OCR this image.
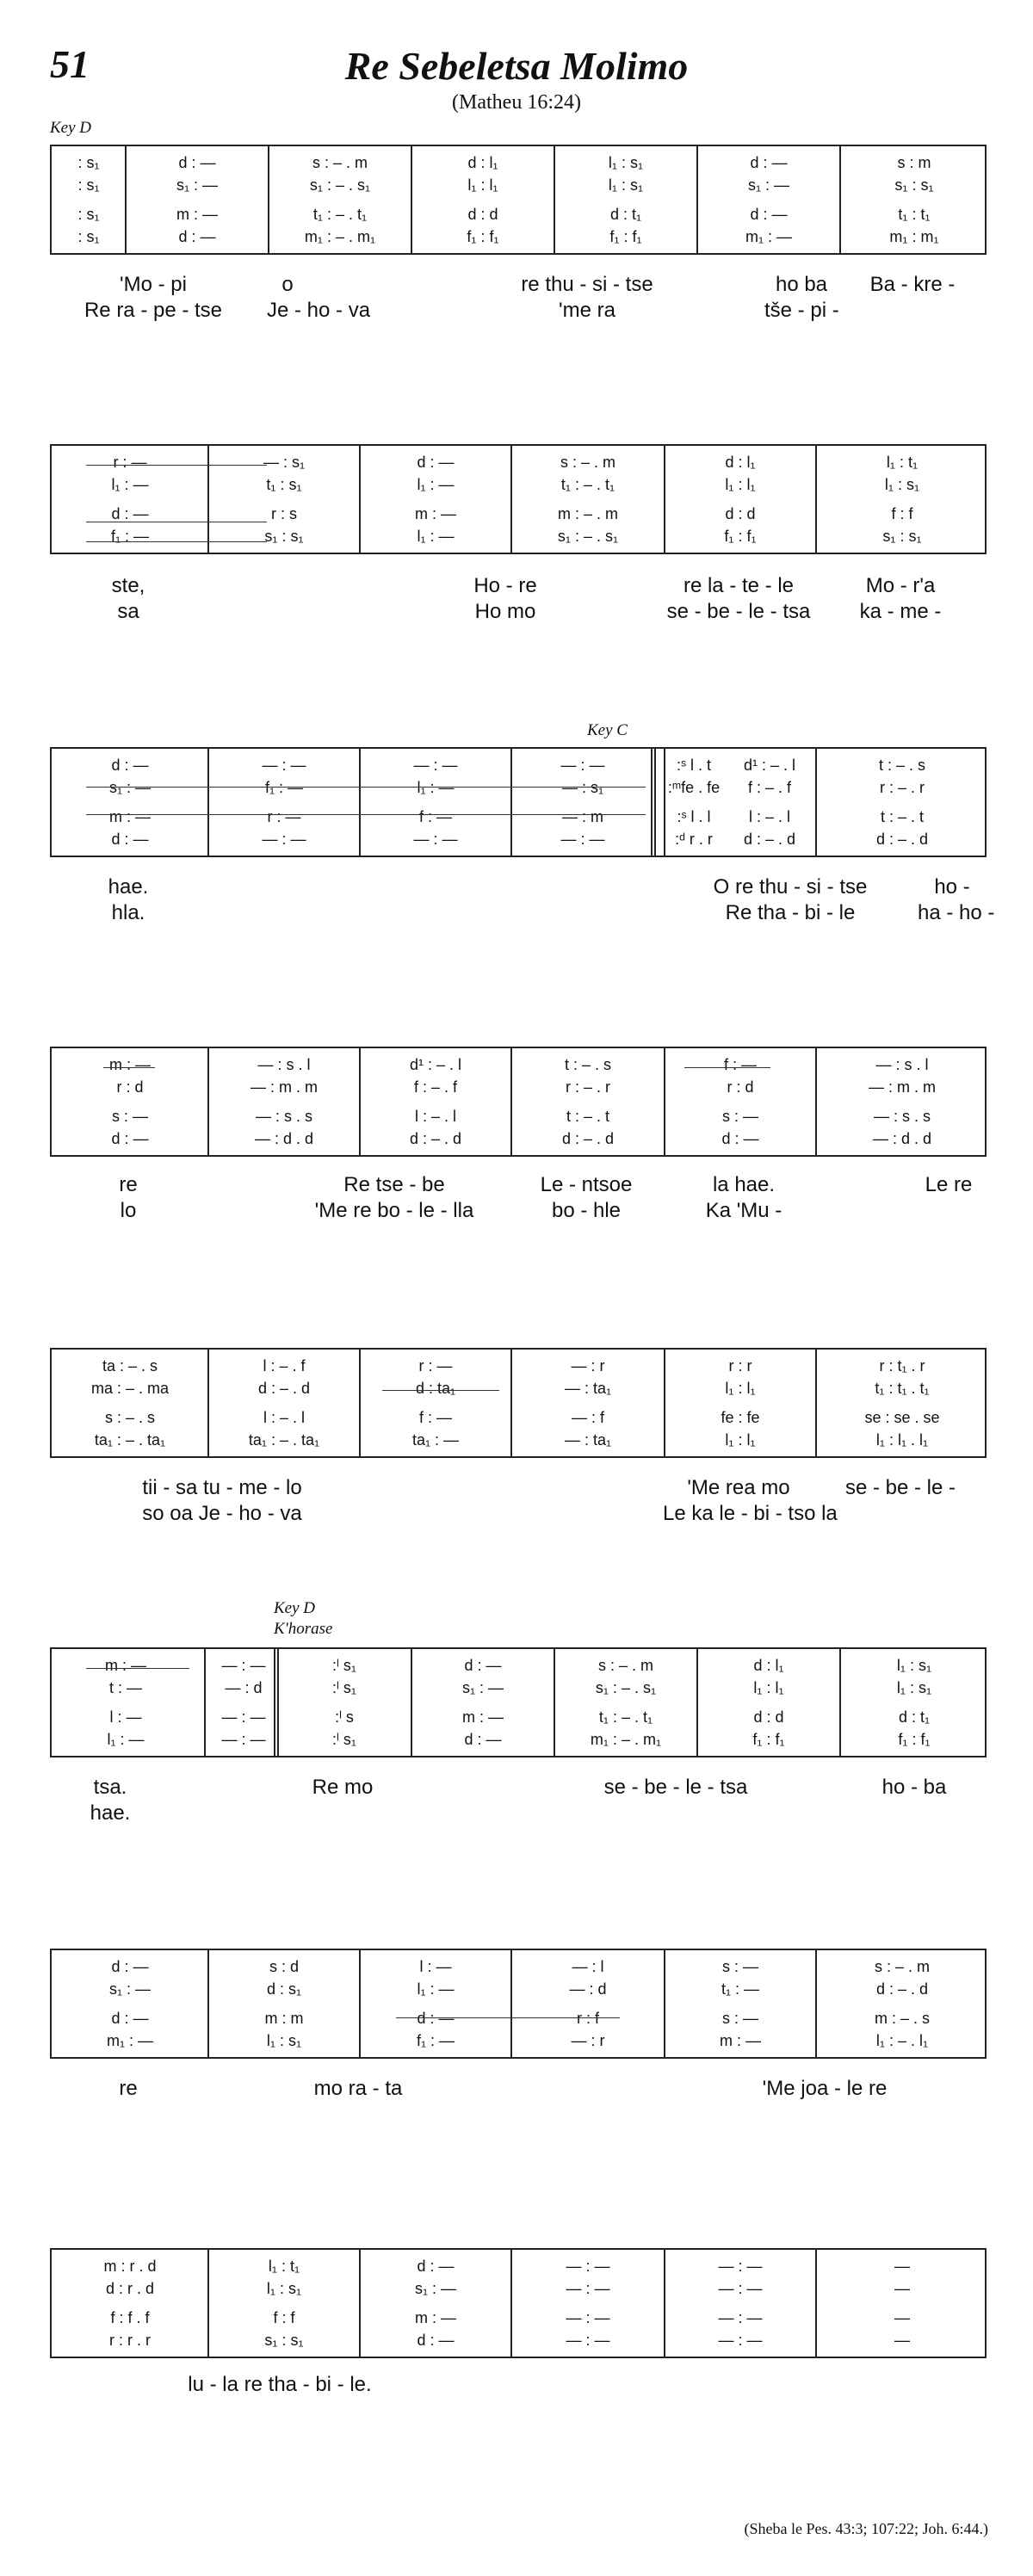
51	Re Sebeletsa Molimo
(Matheu 16:24)
Key D
Key C
Key D
K'horase
: s₁	d : —	s : – . m	d : l₁	l₁ : s₁	d : —	s : m
: s₁	s₁ : —	s₁ : – . s₁	l₁ : l₁	l₁ : s₁	s₁ : —	s₁ : s₁
: s₁	m : —	t₁ : – . t₁	d : d	d : t₁	d : —	t₁ : t₁
: s₁	d : —	m₁ : – . m₁	f₁ : f₁	f₁ : f₁	m₁ : —	m₁ : m₁
'Mo - pi	o	re thu - si - tse	ho ba	Ba - kre -
Re ra - pe - tse	Je - ho - va	'me ra	tše - pi -
r : —	— : s₁	d : —	s : – . m	d : l₁	l₁ : t₁
l₁ : —	t₁ : s₁	l₁ : —	t₁ : – . t₁	l₁ : l₁	l₁ : s₁
d : —	r : s	m : —	m : – . m	d : d	f : f
f₁ : —	s₁ : s₁	l₁ : —	s₁ : – . s₁	f₁ : f₁	s₁ : s₁
ste,	Ho - re	re la - te - le	Mo - r'a
sa	Ho mo	se - be - le - tsa	ka - me -
d : —	— : —	— : —	— : —	:ˢ l . t	d¹ : – . l	t : – . s
s₁ : —	f₁ : —	l₁ : —	— : s₁	:ᵐfe . fe	f : – . f	r : – . r
m : —	r : —	f : —	— : m	:ˢ l . l	l : – . l	t : – . t
d : —	— : —	— : —	— : —	:ᵈ r . r	d : – . d	d : – . d
hae.	O re thu - si - tse	ho -
hla.	Re tha - bi - le	ha - ho -
m : —	— : s . l	d¹ : – . l	t : – . s	f : —	— : s . l
r : d	— : m . m	f : – . f	r : – . r	r : d	— : m . m
s : —	— : s . s	l : – . l	t : – . t	s : —	— : s . s
d : —	— : d . d	d : – . d	d : – . d	d : —	— : d . d
re	Re tse - be	Le - ntsoe	la hae.	Le re
lo	'Me re bo - le - lla	bo - hle	Ka 'Mu -
ta : – . s	l : – . f	r : —	— : r	r : r	r : t₁ . r
ma : – . ma	d : – . d	d : ta₁	— : ta₁	l₁ : l₁	t₁ : t₁ . t₁
s : – . s	l : – . l	f : —	— : f	fe : fe	se : se . se
ta₁ : – . ta₁	ta₁ : – . ta₁	ta₁ : —	— : ta₁	l₁ : l₁	l₁ : l₁ . l₁
tii - sa tu - me - lo	'Me rea mo	se - be - le -
so oa Je - ho - va	Le ka le - bi - tso la
m : —	— : —	:ˡ s₁	d : —	s : – . m	d : l₁	l₁ : s₁
t : —	— : d	:ˡ s₁	s₁ : —	s₁ : – . s₁	l₁ : l₁	l₁ : s₁
l : —	— : —	:ˡ s	m : —	t₁ : – . t₁	d : d	d : t₁
l₁ : —	— : —	:ˡ s₁	d : —	m₁ : – . m₁	f₁ : f₁	f₁ : f₁
tsa.	Re mo	se - be - le - tsa	ho - ba
hae.
d : —	s : d	l : —	— : l	s : —	s : – . m
s₁ : —	d : s₁	l₁ : —	— : d	t₁ : —	d : – . d
d : —	m : m	d : —	r : f	s : —	m : – . s
m₁ : —	l₁ : s₁	f₁ : —	— : r	m : —	l₁ : – . l₁
re	mo ra - ta	'Me joa - le re
m : r . d	l₁ : t₁	d : —	— : —	— : —	—
d : r . d	l₁ : s₁	s₁ : —	— : —	— : —	—
f : f . f	f : f	m : —	— : —	— : —	—
r : r . r	s₁ : s₁	d : —	— : —	— : —	—
lu - la re tha - bi - le.
(Sheba le Pes. 43:3; 107:22; Joh. 6:44.)
